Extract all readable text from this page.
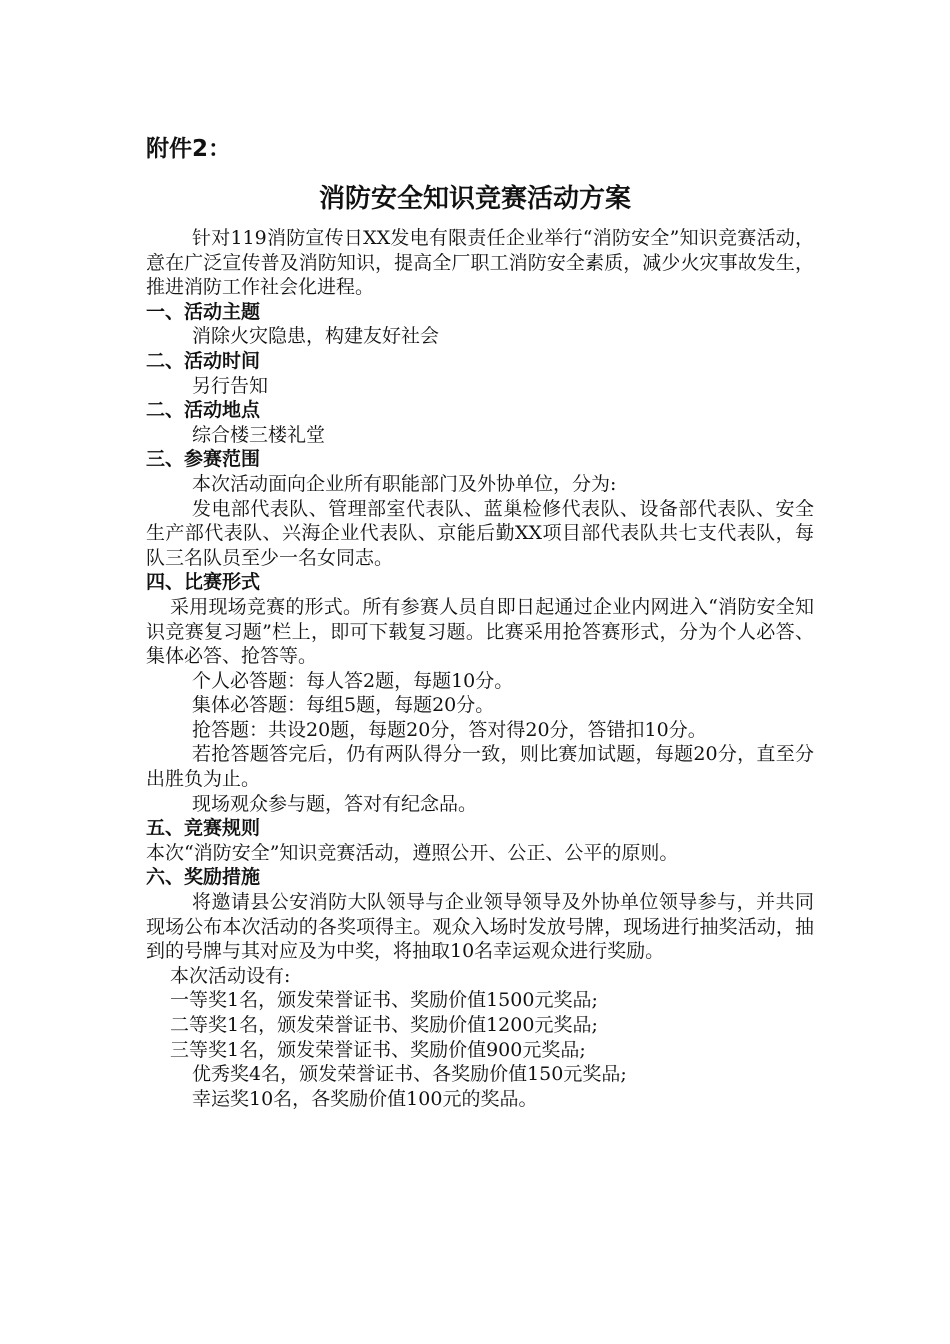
附件2：
消防安全知识竞赛活动方案

针对119消防宣传日XX发电有限责任企业举行“消防安全”知识竞赛活动，意在广泛宣传普及消防知识，提高全厂职工消防安全素质，减少火灾事故发生，推进消防工作社会化进程。

一、活动主题

消除火灾隐患，构建友好社会

二、活动时间

另行告知

二、活动地点

综合楼三楼礼堂

三、参赛范围

本次活动面向企业所有职能部门及外协单位，分为:

发电部代表队、管理部室代表队、蓝巢检修代表队、设备部代表队、安全生产部代表队、兴海企业代表队、京能后勤XX项目部代表队共七支代表队，每队三名队员至少一名女同志。

四、比赛形式

采用现场竞赛的形式。所有参赛人员自即日起通过企业内网进入“消防安全知识竞赛复习题”栏上，即可下载复习题。比赛采用抢答赛形式，分为个人必答、集体必答、抢答等。

个人必答题：每人答2题，每题10分。

集体必答题：每组5题，每题20分。

抢答题：共设20题，每题20分，答对得20分，答错扣10分。

若抢答题答完后，仍有两队得分一致，则比赛加试题，每题20分，直至分出胜负为止。

现场观众参与题，答对有纪念品。

五、竞赛规则

本次“消防安全”知识竞赛活动，遵照公开、公正、公平的原则。

六、奖励措施

将邀请县公安消防大队领导与企业领导领导及外协单位领导参与，并共同现场公布本次活动的各奖项得主。观众入场时发放号牌，现场进行抽奖活动，抽到的号牌与其对应及为中奖，将抽取10名幸运观众进行奖励。

本次活动设有:

一等奖1名，颁发荣誉证书、奖励价值1500元奖品;

二等奖1名，颁发荣誉证书、奖励价值1200元奖品;

三等奖1名，颁发荣誉证书、奖励价值900元奖品;

优秀奖4名，颁发荣誉证书、各奖励价值150元奖品;

幸运奖10名，各奖励价值100元的奖品。
